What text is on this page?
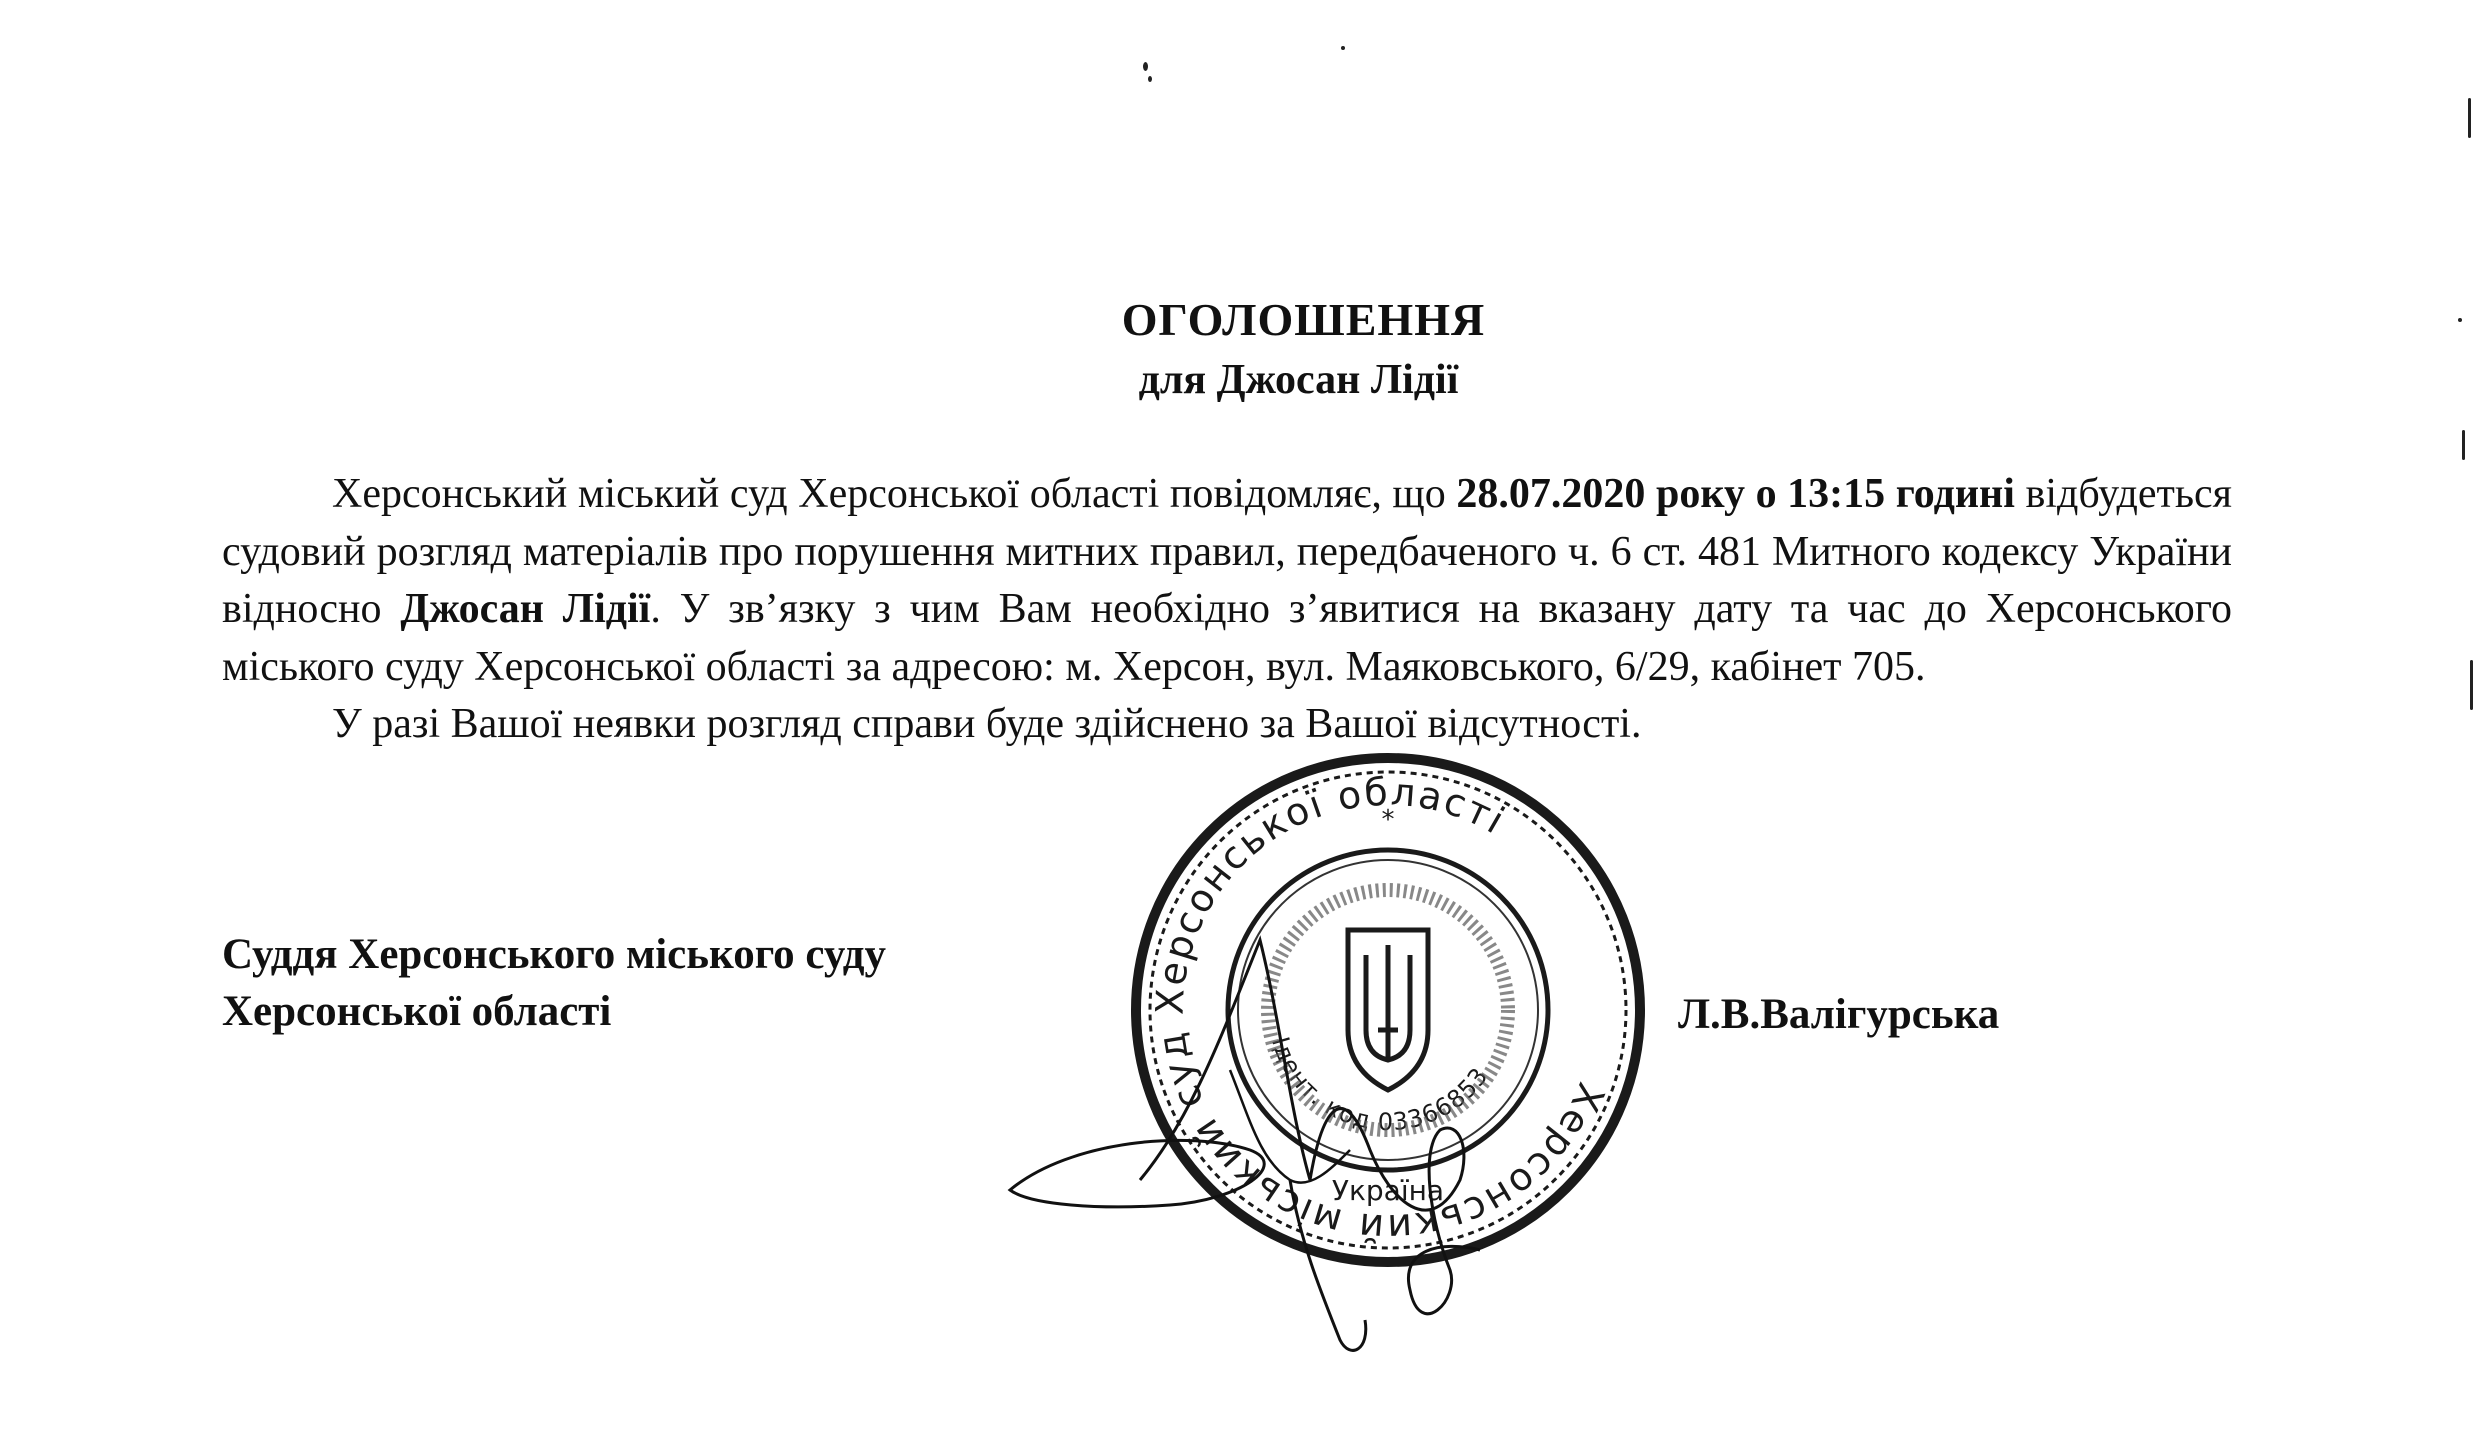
ОГОЛОШЕННЯ
для Джосан Лідії

Херсонський міський суд Херсонської області повідомляє, що 28.07.2020 року о 13:15 годині відбудеться судовий розгляд матеріалів про порушення митних правил, передбаченого ч. 6 ст. 481 Митного кодексу України відносно Джосан Лідії. У зв’язку з чим Вам необхідно з’явитися на вказану дату та час до Херсонського міського суду Херсонської області за адресою: м. Херсон, вул. Маяковського, 6/29, кабінет 705.

У разі Вашої неявки розгляд справи буде здійснено за Вашої відсутності.

Суддя Херсонського міського суду
Херсонської області	Л.В.Валігурська
Херсонський міський суд Херсонської області
Ідент. код 03366853
Україна
*
